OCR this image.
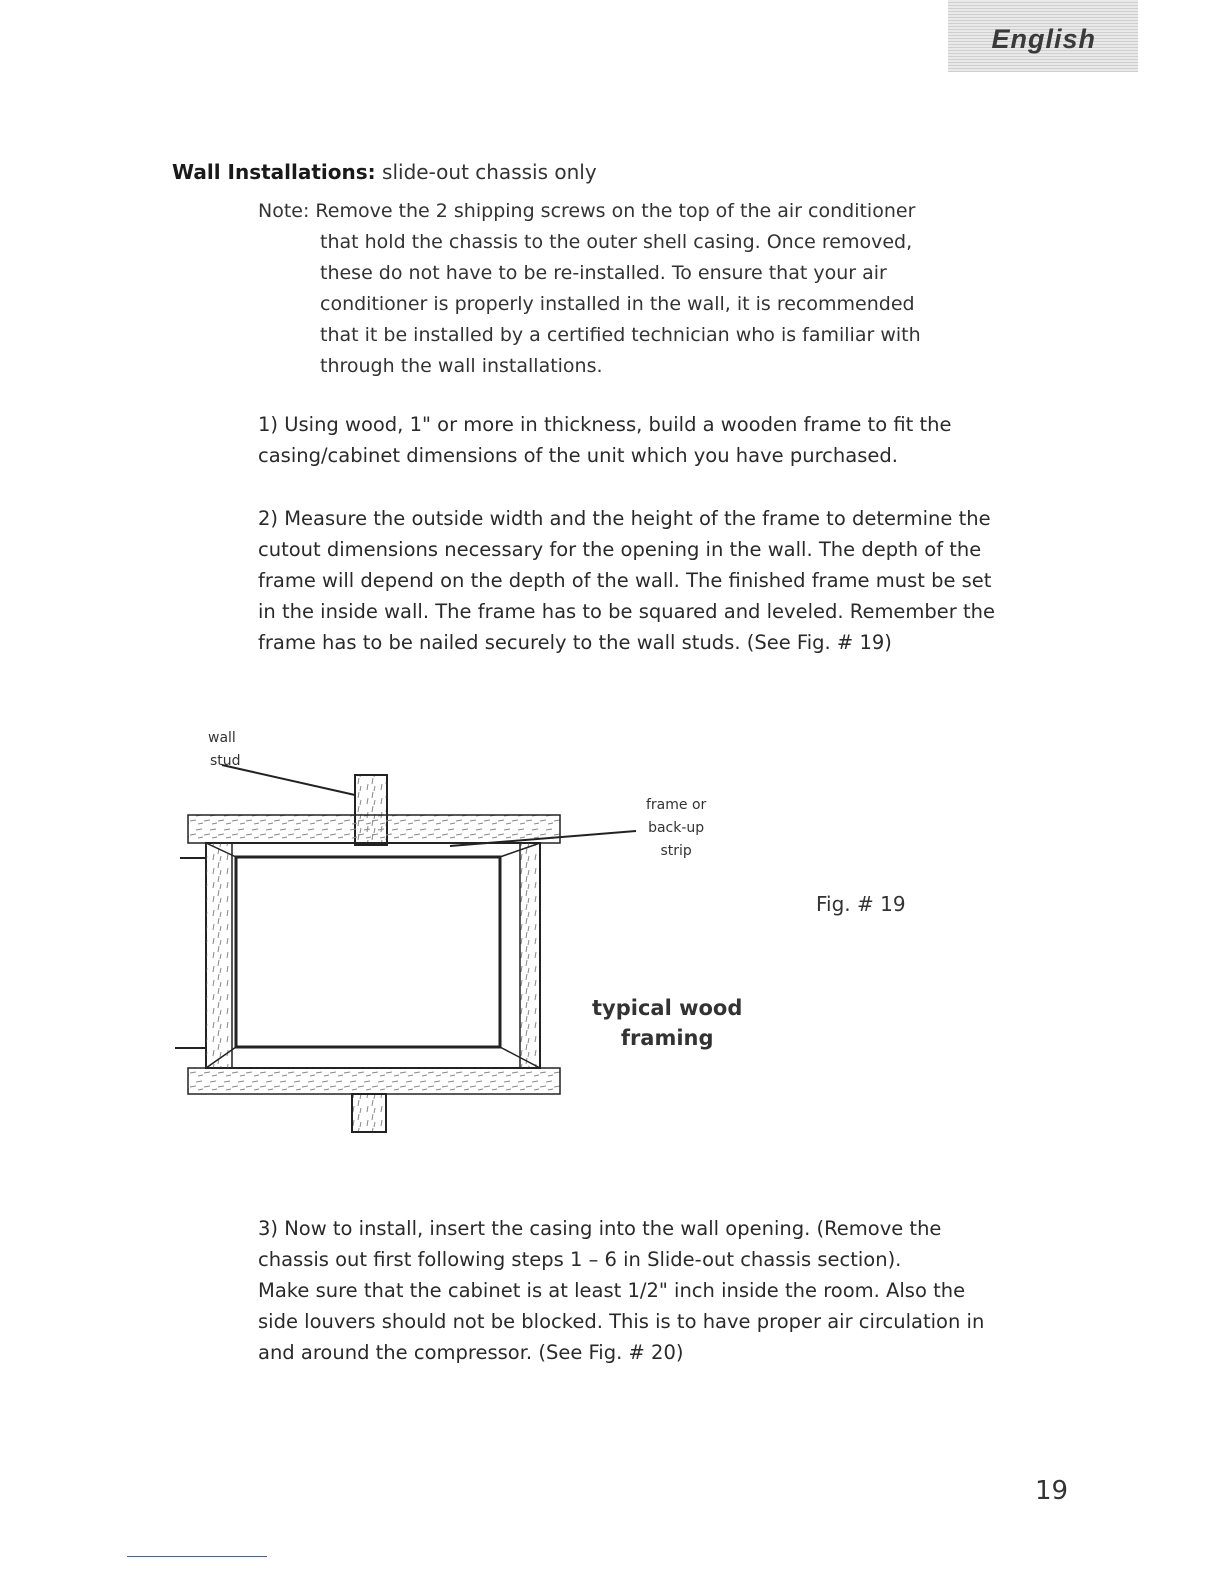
English
Wall Installations: slide-out chassis only
Note: Remove the 2 shipping screws on the top of the air conditioner
that hold the chassis to the outer shell casing. Once removed,
these do not have to be re-installed. To ensure that your air
conditioner is properly installed in the wall, it is recommended
that it be installed by a certified technician who is familiar with
through the wall installations.
1) Using wood, 1" or more in thickness, build a wooden frame to fit the
casing/cabinet dimensions of the unit which you have purchased.
2) Measure the outside width and the height of the frame to determine the
cutout dimensions necessary for the opening in the wall. The depth of the
frame will depend on the depth of the wall. The finished frame must be set
in the inside wall. The frame has to be squared and leveled. Remember the
frame has to be nailed securely to the wall studs. (See Fig. # 19)
wall
stud
frame or
back-up
strip
typical wood
framing
Fig. # 19
3) Now to install, insert the casing into the wall opening. (Remove the
chassis out first following steps 1 – 6 in Slide-out chassis section).
Make sure that the cabinet is at least 1/2" inch inside the room. Also the
side louvers should not be blocked. This is to have proper air circulation in
and around the compressor. (See Fig. # 20)
19
